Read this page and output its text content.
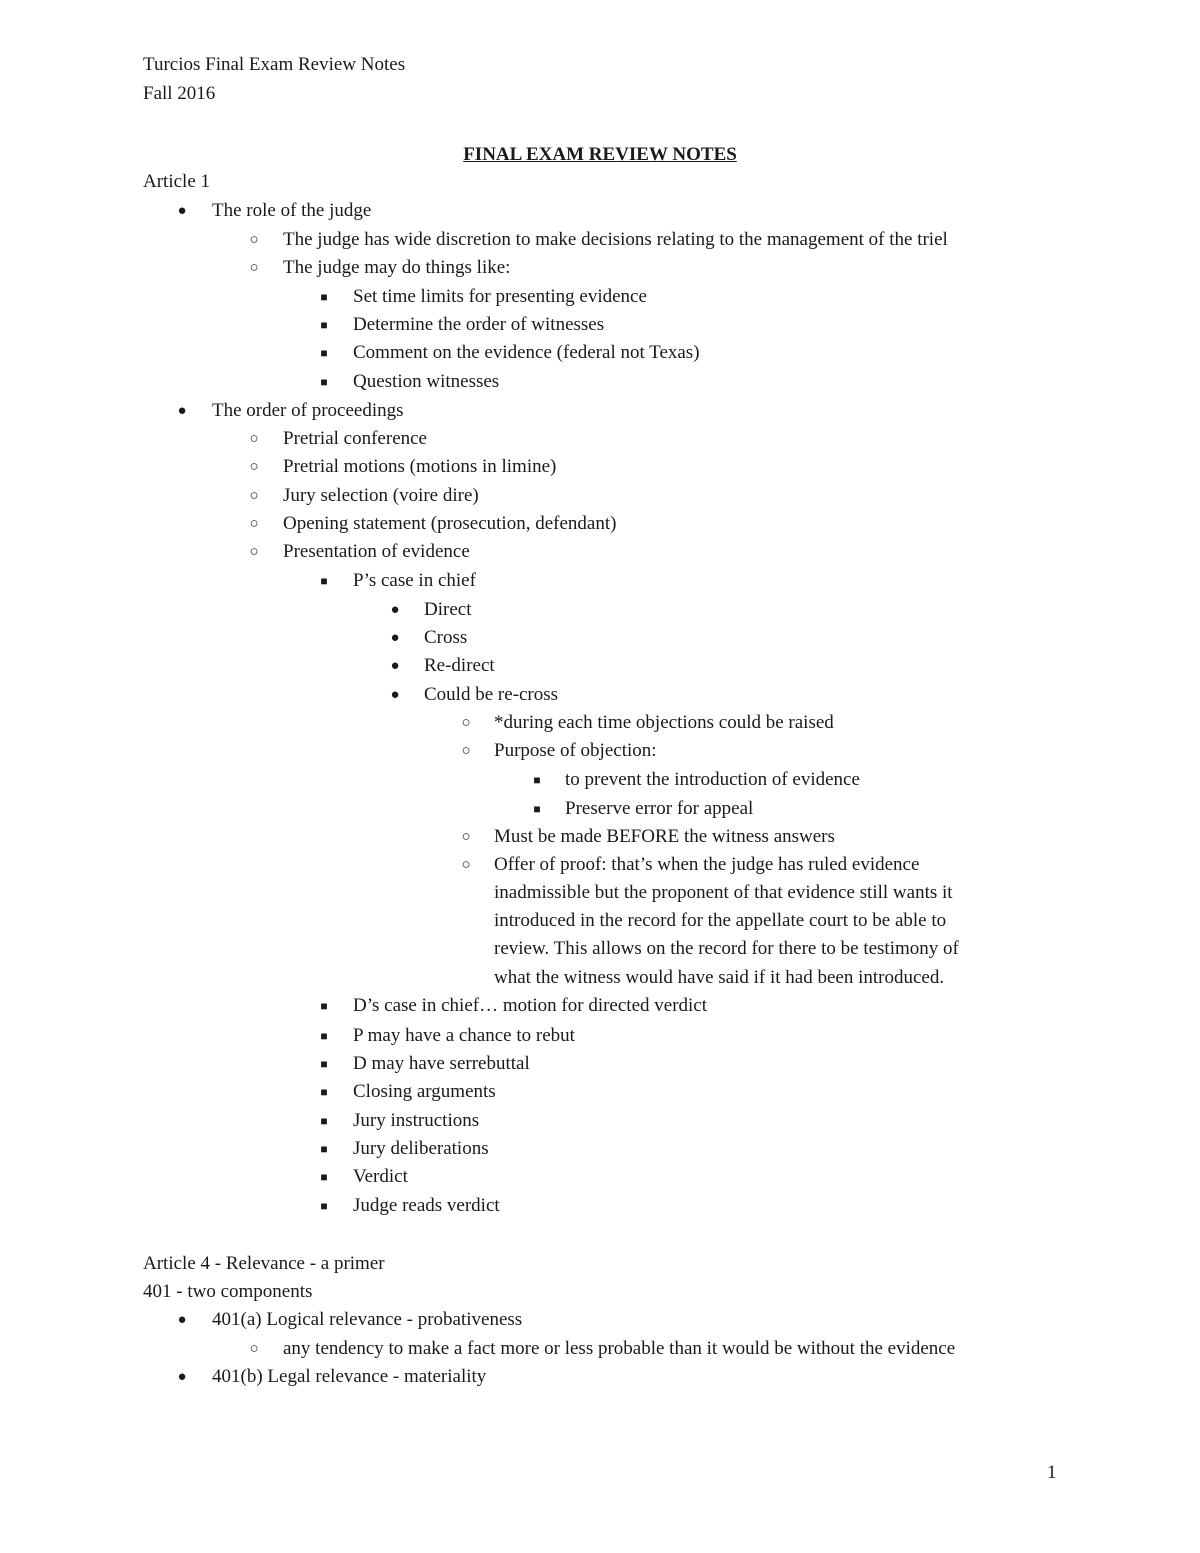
Turcios Final Exam Review Notes
Fall 2016
FINAL EXAM REVIEW NOTES
Article 1
● The role of the judge
○ The judge has wide discretion to make decisions relating to the management of the triel
○ The judge may do things like:
■	Set time limits for presenting evidence
■	Determine the order of witnesses
■	Comment on the evidence (federal not Texas)
■	Question witnesses
● The order of proceedings
○ Pretrial conference
○ Pretrial motions (motions in limine)
○ Jury selection (voire dire)
○ Opening statement (prosecution, defendant)
○ Presentation of evidence
■	P’s case in chief
● Direct
● Cross
● Re-direct
● Could be re-cross
○ *during each time objections could be raised
○ Purpose of objection:
■	to prevent the introduction of evidence
■	Preserve error for appeal
○ Must be made BEFORE the witness answers
○ Offer of proof: that’s when the judge has ruled evidence
inadmissible but the proponent of that evidence still wants it
introduced in the record for the appellate court to be able to
review. This allows on the record for there to be testimony of
what the witness would have said if it had been introduced.
■	D’s case in chief… motion for directed verdict
■	P may have a chance to rebut
■	D may have serrebuttal
■	Closing arguments
■	Jury instructions
■	Jury deliberations
■	Verdict
■	Judge reads verdict
Article 4 - Relevance - a primer
401 - two components
● 401(a) Logical relevance - probativeness
○ any tendency to make a fact more or less probable than it would be without the evidence
● 401(b) Legal relevance - materiality
1
